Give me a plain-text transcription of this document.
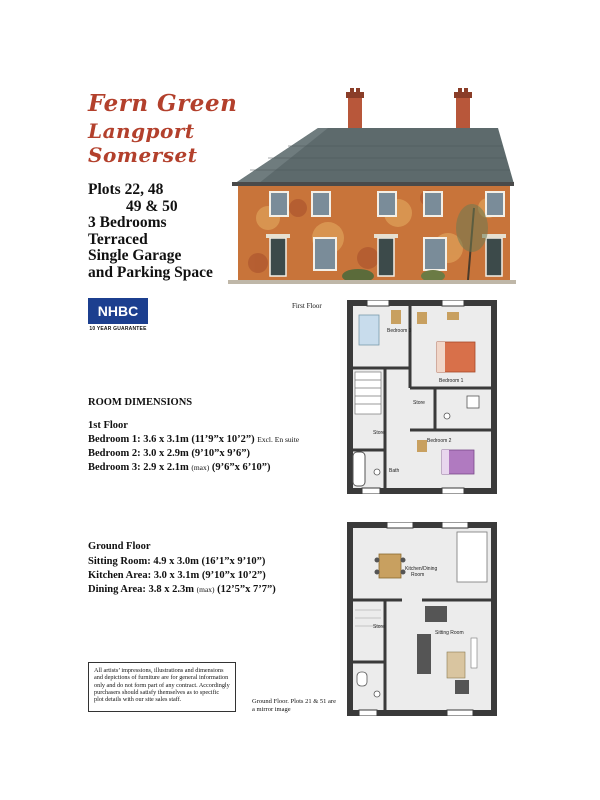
Fern Green
Langport
Somerset
Plots 22, 48
49 & 50
3 Bedrooms
Terraced
Single Garage
and Parking Space
NHBC
10 YEAR GUARANTEE
ROOM DIMENSIONS
1st Floor
Bedroom 1: 3.6 x 3.1m (11’9”x 10’2”) Excl. En suite
Bedroom 2: 3.0 x 2.9m (9’10”x 9’6”)
Bedroom 3: 2.9 x 2.1m (max) (9’6”x 6’10”)
Ground Floor
Sitting Room: 4.9 x 3.0m (16’1”x 9’10”)
Kitchen Area: 3.0 x 3.1m (9’10”x 10’2”)
Dining Area: 3.8 x 2.3m (max) (12’5”x 7’7”)
All artists’ impressions, illustrations and dimensions and depictions of furniture are for general information only and do not form part of any contract. Accordingly purchasers should satisfy themselves as to specific plot details with our site sales staff.
First Floor
Bedroom 3
Bedroom 1
Store
Bedroom 2
Store
Bath
Kitchen/Dining Room
Sitting Room
Store
Ground Floor. Plots 21 & 51 are a mirror image
